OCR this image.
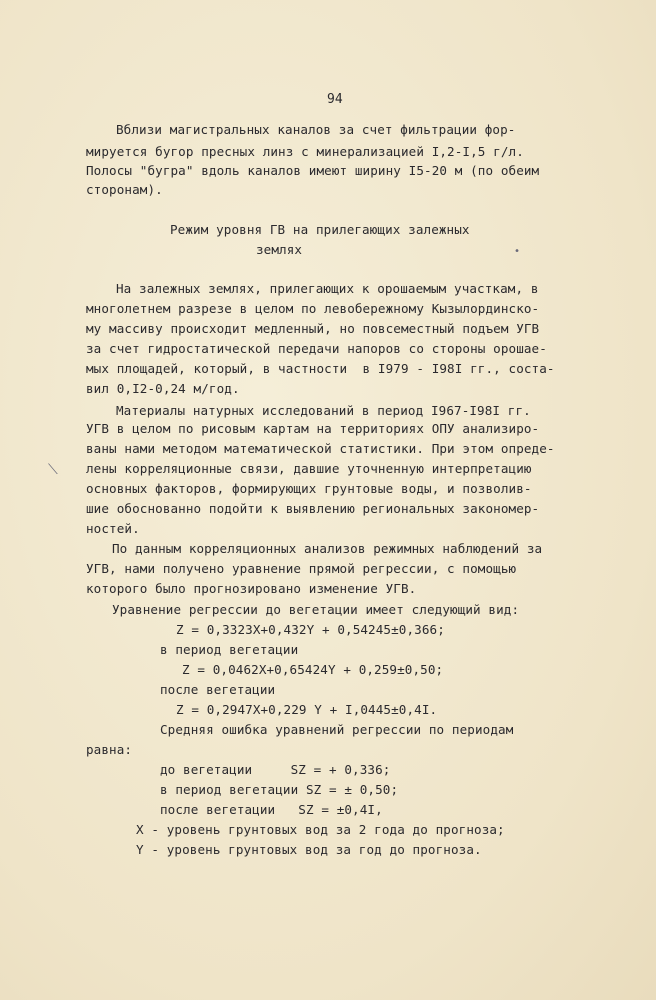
94
Вблизи магистральных каналов за счет фильтрации фор-
мируется бугор пресных линз с минерализацией I,2-I,5 г/л.
Полосы "бугра" вдоль каналов имеют ширину I5-20 м (по обеим
сторонам).
Режим уровня ГВ на прилегающих залежных
землях
На залежных землях, прилегающих к орошаемым участкам, в
многолетнем разрезе в целом по левобережному Кызылординско-
му массиву происходит медленный, но повсеместный подъем УГВ
за счет гидростатической передачи напоров со стороны орошае-
мых площадей, который, в частности  в I979 - I98I гг., соста-
вил 0,I2-0,24 м/год.
Материалы натурных исследований в период I967-I98I гг.
УГВ в целом по рисовым картам на территориях ОПУ анализиро-
ваны нами методом математической статистики. При этом опреде-
лены корреляционные связи, давшие уточненную интерпретацию
основных факторов, формирующих грунтовые воды, и позволив-
шие обоснованно подойти к выявлению региональных закономер-
ностей.
По данным корреляционных анализов режимных наблюдений за
УГВ, нами получено уравнение прямой регрессии, с помощью
которого было прогнозировано изменение УГВ.
Уравнение регрессии до вегетации имеет следующий вид:
Z = 0,3323X+0,432Y + 0,54245±0,366;
в период вегетации
Z = 0,0462X+0,65424Y + 0,259±0,50;
после вегетации
Z = 0,2947X+0,229 Y + I,0445±0,4I.
Средняя ошибка уравнений регрессии по периодам
равна:
до вегетации     SZ = + 0,336;
в период вегетации SZ = ± 0,50;
после вегетации   SZ = ±0,4I,
X - уровень грунтовых вод за 2 года до прогноза;
Y - уровень грунтовых вод за год до прогноза.
⟍
•
